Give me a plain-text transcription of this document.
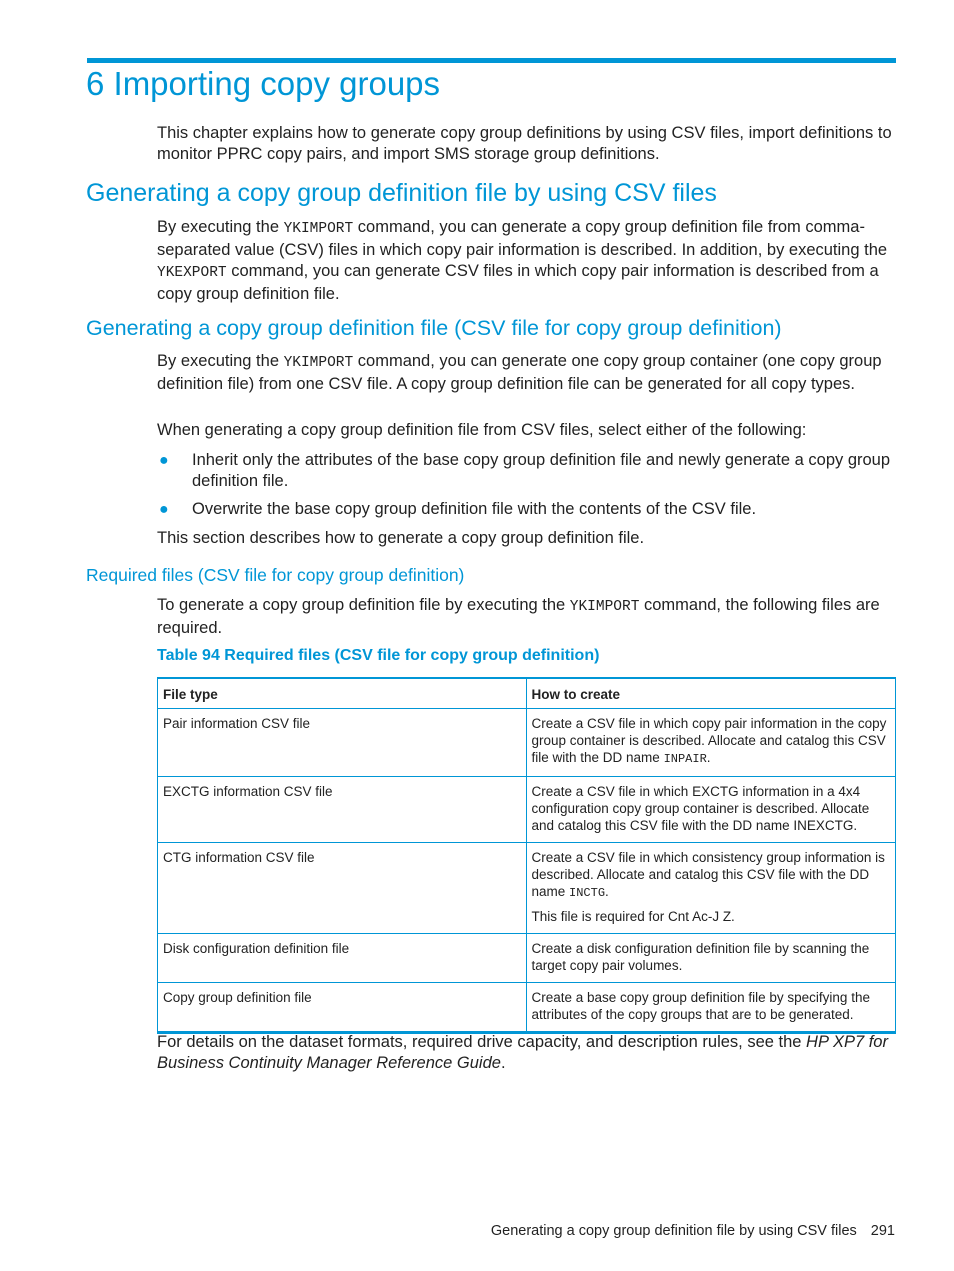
6 Importing copy groups

This chapter explains how to generate copy group definitions by using CSV files, import definitions to monitor PPRC copy pairs, and import SMS storage group definitions.

Generating a copy group definition file by using CSV files

By executing the YKIMPORT command, you can generate a copy group definition file from comma-separated value (CSV) files in which copy pair information is described. In addition, by executing the YKEXPORT command, you can generate CSV files in which copy pair information is described from a copy group definition file.

Generating a copy group definition file (CSV file for copy group definition)

By executing the YKIMPORT command, you can generate one copy group container (one copy group definition file) from one CSV file. A copy group definition file can be generated for all copy types.

When generating a copy group definition file from CSV files, select either of the following:

● Inherit only the attributes of the base copy group definition file and newly generate a copy group definition file.
● Overwrite the base copy group definition file with the contents of the CSV file.

This section describes how to generate a copy group definition file.

Required files (CSV file for copy group definition)

To generate a copy group definition file by executing the YKIMPORT command, the following files are required.

Table 94 Required files (CSV file for copy group definition)

File type	How to create
Pair information CSV file	Create a CSV file in which copy pair information in the copy group container is described. Allocate and catalog this CSV file with the DD name INPAIR.

EXCTG information CSV file	Create a CSV file in which EXCTG information in a 4x4 configuration copy group container is described. Allocate and catalog this CSV file with the DD name INEXCTG.

CTG information CSV file	Create a CSV file in which consistency group information is described. Allocate and catalog this CSV file with the DD name INCTG.

This file is required for Cnt Ac-J Z.

Disk configuration definition file	Create a disk configuration definition file by scanning the target copy pair volumes.

Copy group definition file	Create a base copy group definition file by specifying the attributes of the copy groups that are to be generated.

For details on the dataset formats, required drive capacity, and description rules, see the HP XP7 for Business Continuity Manager Reference Guide.

Generating a copy group definition file by using CSV files 291
